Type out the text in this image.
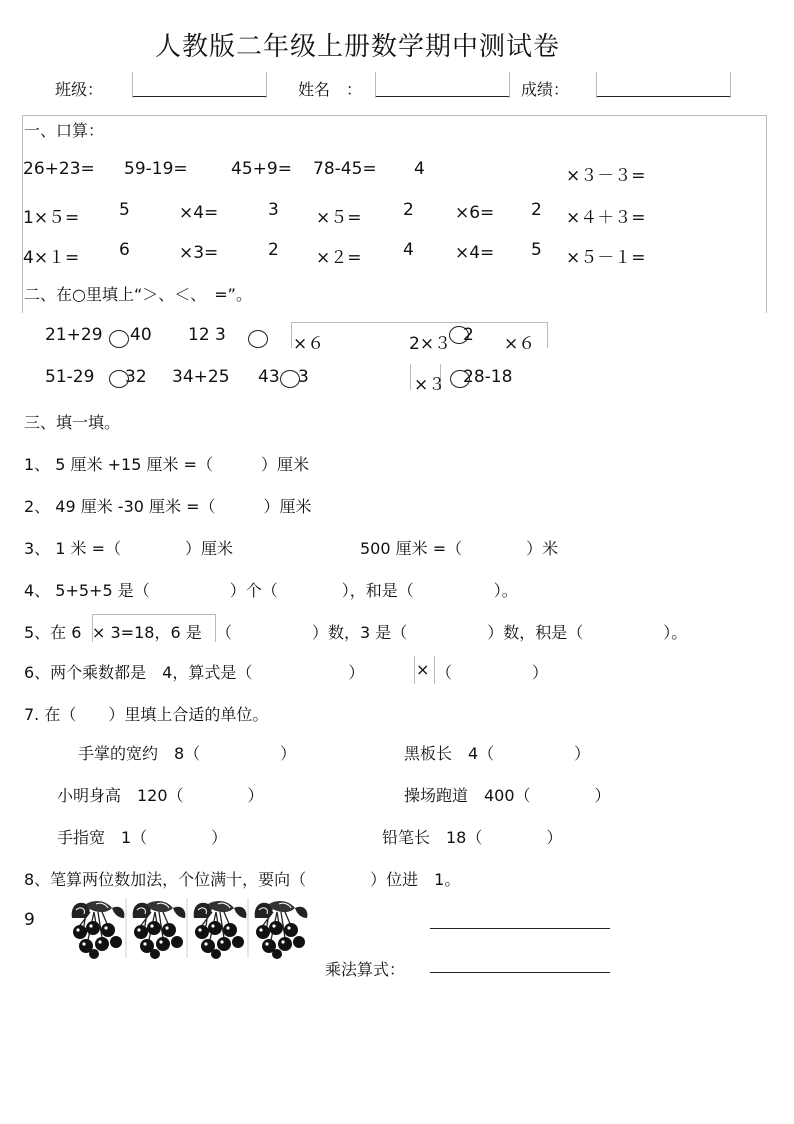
人教版二年级上册数学期中测试卷
班级：	姓名　：	成绩：
一、口算：
26+23= 59-19=	45+9= 78-45= 4	×３－３=
1×５= 5	×4=	3 ×５= 2 ×6= 2 ×４＋３=
4×１= 6	×3=	2 ×２= 4 ×4= 5 ×５－１=
二、在○里填上“＞、＜、　=”。
21+29 40 12 3	×６	2×３ 2 ×６
51-29 32 34+25 43 3	×３ 28-18
三、填一填。
1、 5 厘米 +15 厘米 =（　　　）厘米
2、 49 厘米 -30 厘米 =（　　　）厘米
3、 1 米 =（　　　　）厘米	500 厘米 =（　　　　）米
4、 5+5+5 是（　　　　　）个（　　　　），和是（　　　　　）。
5、在 6 × 3=18，6 是 （　　　　　）数，3 是（　　　　　）数，积是（　　　　　）。
6、两个乘数都是　4，算式是（　　　　　　）	× （　　　　　）
7. 在（　　）里填上合适的单位。
手掌的宽约　8（　　　　　）	黑板长　4（　　　　　）
小明身高　120（　　　　）	操场跑道　400（　　　　）
手指宽　1（　　　　）	铅笔长　18（　　　　）
8、笔算两位数加法，个位满十，要向（　　　　）位进　1。
9
乘法算式：
